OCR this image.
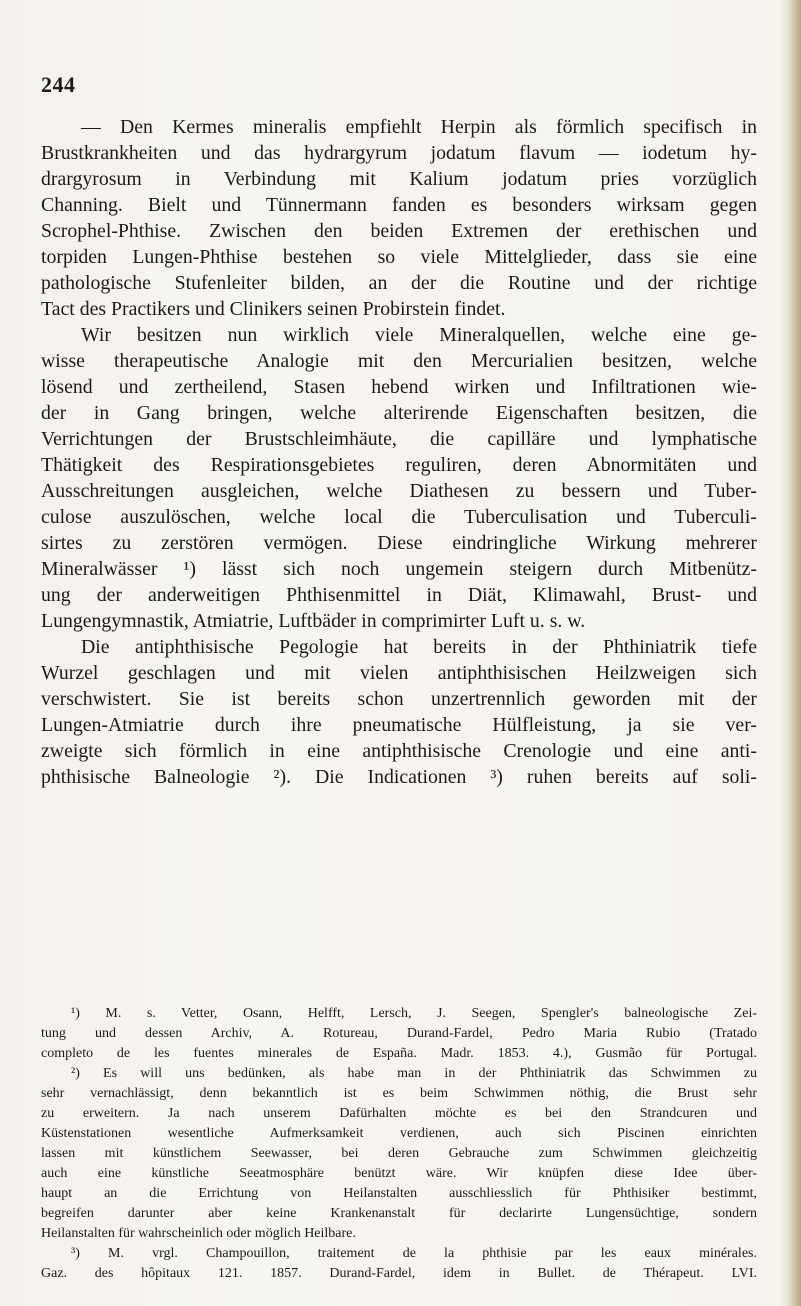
244
— Den Kermes mineralis empfiehlt Herpin als förmlich specifisch in
Brustkrankheiten und das hydrargyrum jodatum flavum — iodetum hy-
drargyrosum in Verbindung mit Kalium jodatum pries vorzüglich
Channing. Bielt und Tünnermann fanden es besonders wirksam gegen
Scrophel-Phthise. Zwischen den beiden Extremen der erethischen und
torpiden Lungen-Phthise bestehen so viele Mittelglieder, dass sie eine
pathologische Stufenleiter bilden, an der die Routine und der richtige
Tact des Practikers und Clinikers seinen Probirstein findet.
Wir besitzen nun wirklich viele Mineralquellen, welche eine ge-
wisse therapeutische Analogie mit den Mercurialien besitzen, welche
lösend und zertheilend, Stasen hebend wirken und Infiltrationen wie-
der in Gang bringen, welche alterirende Eigenschaften besitzen, die
Verrichtungen der Brustschleimhäute, die capilläre und lymphatische
Thätigkeit des Respirationsgebietes reguliren, deren Abnormitäten und
Ausschreitungen ausgleichen, welche Diathesen zu bessern und Tuber-
culose auszulöschen, welche local die Tuberculisation und Tuberculi-
sirtes zu zerstören vermögen. Diese eindringliche Wirkung mehrerer
Mineralwässer ¹) lässt sich noch ungemein steigern durch Mitbenütz-
ung der anderweitigen Phthisenmittel in Diät, Klimawahl, Brust- und
Lungengymnastik, Atmiatrie, Luftbäder in comprimirter Luft u. s. w.
Die antiphthisische Pegologie hat bereits in der Phthiniatrik tiefe
Wurzel geschlagen und mit vielen antiphthisischen Heilzweigen sich
verschwistert. Sie ist bereits schon unzertrennlich geworden mit der
Lungen-Atmiatrie durch ihre pneumatische Hülfleistung, ja sie ver-
zweigte sich förmlich in eine antiphthisische Crenologie und eine anti-
phthisische Balneologie ²). Die Indicationen ³) ruhen bereits auf soli-
¹) M. s. Vetter, Osann, Helfft, Lersch, J. Seegen, Spengler's balneologische Zei-
tung und dessen Archiv, A. Rotureau, Durand-Fardel, Pedro Maria Rubio (Tratado
completo de les fuentes minerales de España. Madr. 1853. 4.), Gusmão für Portugal.
²) Es will uns bedünken, als habe man in der Phthiniatrik das Schwimmen zu
sehr vernachlässigt, denn bekanntlich ist es beim Schwimmen nöthig, die Brust sehr
zu erweitern. Ja nach unserem Dafürhalten möchte es bei den Strandcuren und
Küstenstationen wesentliche Aufmerksamkeit verdienen, auch sich Piscinen einrichten
lassen mit künstlichem Seewasser, bei deren Gebrauche zum Schwimmen gleichzeitig
auch eine künstliche Seeatmosphäre benützt wäre. Wir knüpfen diese Idee über-
haupt an die Errichtung von Heilanstalten ausschliesslich für Phthisiker bestimmt,
begreifen darunter aber keine Krankenanstalt für declarirte Lungensüchtige, sondern
Heilanstalten für wahrscheinlich oder möglich Heilbare.
³) M. vrgl. Champouillon, traitement de la phthisie par les eaux minérales.
Gaz. des hôpitaux 121. 1857. Durand-Fardel, idem in Bullet. de Thérapeut. LVI.
